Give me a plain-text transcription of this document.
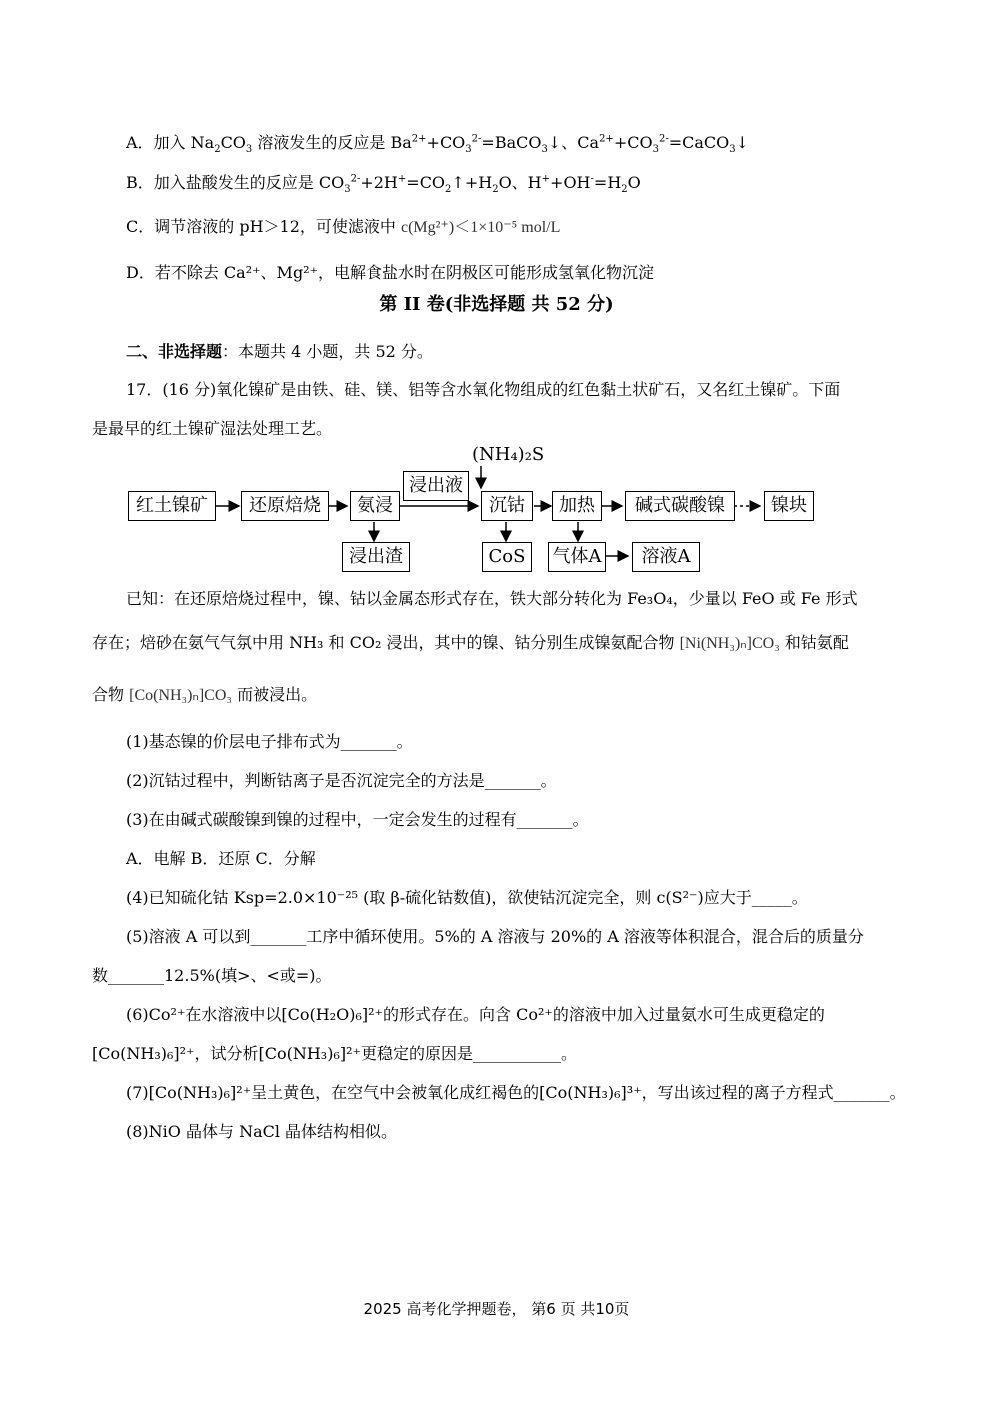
A．加入 $Na_2CO_3$ 溶液发生的反应是 $Ba^{2+}+CO_3^{2-}=BaCO_3↓$、$Ca^{2+}+CO_3^{2-}=CaCO_3↓$
B．加入盐酸发生的反应是 $CO_3^{2-}+2H^+=CO_2↑+H_2O$、$H^++OH^-=H_2O$
C．调节溶液的 pH＞12，可使滤液中 c(Mg²⁺)＜1×10⁻⁵ mol/L
D．若不除去 Ca²⁺、Mg²⁺，电解食盐水时在阴极区可能形成氢氧化物沉淀
第 II 卷(非选择题 共 52 分)
二、非选择题：本题共 4 小题，共 52 分。
17．(16 分)氧化镍矿是由铁、硅、镁、铝等含水氧化物组成的红色黏土状矿石，又名红土镍矿。下面
是最早的红土镍矿湿法处理工艺。
(NH₄)₂S
红土镍矿	还原焙烧	氨浸
浸出液
沉钴	加热	碱式碳酸镍	镍块
浸出渣	CoS	气体A	溶液A
已知：在还原焙烧过程中，镍、钴以金属态形式存在，铁大部分转化为 Fe₃O₄，少量以 FeO 或 Fe 形式
存在；焙砂在氨气气氛中用 NH₃ 和 CO₂ 浸出，其中的镍、钴分别生成镍氨配合物 [Ni(NH₃)ₙ]CO₃ 和钴氨配
合物 [Co(NH₃)ₙ]CO₃ 而被浸出。
(1)基态镍的价层电子排布式为_______。
(2)沉钴过程中，判断钴离子是否沉淀完全的方法是_______。
(3)在由碱式碳酸镍到镍的过程中，一定会发生的过程有_______。
A．电解 B．还原 C．分解
(4)已知硫化钴 Ksp=2.0×10⁻²⁵ (取 β-硫化钴数值)，欲使钴沉淀完全，则 c(S²⁻)应大于_____。
(5)溶液 A 可以到_______工序中循环使用。5%的 A 溶液与 20%的 A 溶液等体积混合，混合后的质量分
数_______12.5%(填>、<或=)。
(6)Co²⁺在水溶液中以[Co(H₂O)₆]²⁺的形式存在。向含 Co²⁺的溶液中加入过量氨水可生成更稳定的
[Co(NH₃)₆]²⁺，试分析[Co(NH₃)₆]²⁺更稳定的原因是___________。
(7)[Co(NH₃)₆]²⁺呈土黄色，在空气中会被氧化成红褐色的[Co(NH₃)₆]³⁺，写出该过程的离子方程式_______。
(8)NiO 晶体与 NaCl 晶体结构相似。
2025 高考化学押题卷， 第6 页 共10页
